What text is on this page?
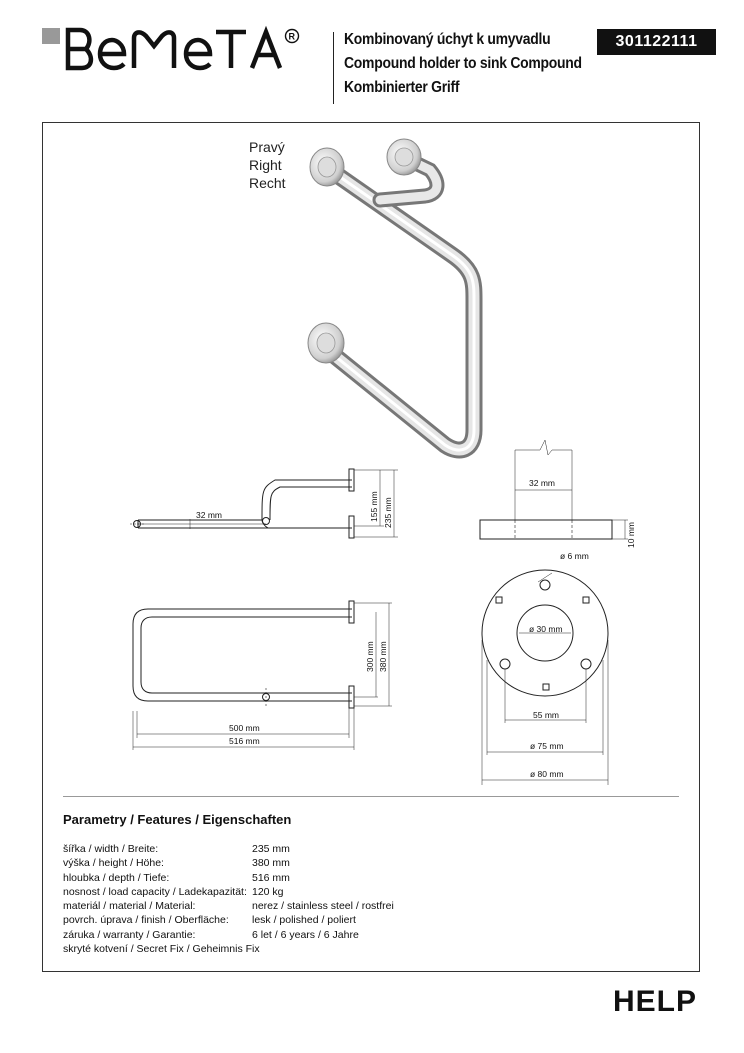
R	Kombinovaný úchyt k umyvadlu
Compound holder to sink Compound
Kombinierter Griff
301122111
Pravý
Right
Recht
32 mm	155 mm 235 mm
500 mm
516 mm
300 mm 380 mm
32 mm
10 mm
ø 6 mm
ø 30 mm
55 mm
ø 75 mm
ø 80 mm
Parametry / Features / Eigenschaften
šířka / width / Breite:	235 mm
výška / height / Höhe:	380 mm
hloubka / depth / Tiefe:	516 mm
nosnost / load capacity / Ladekapazität: 120 kg
materiál / material / Material:	nerez / stainless steel / rostfrei
povrch. úprava / finish / Oberfläche:	lesk / polished / poliert
záruka / warranty / Garantie:	6 let / 6 years / 6 Jahre
skryté kotvení / Secret Fix / Geheimnis Fix
HELP
